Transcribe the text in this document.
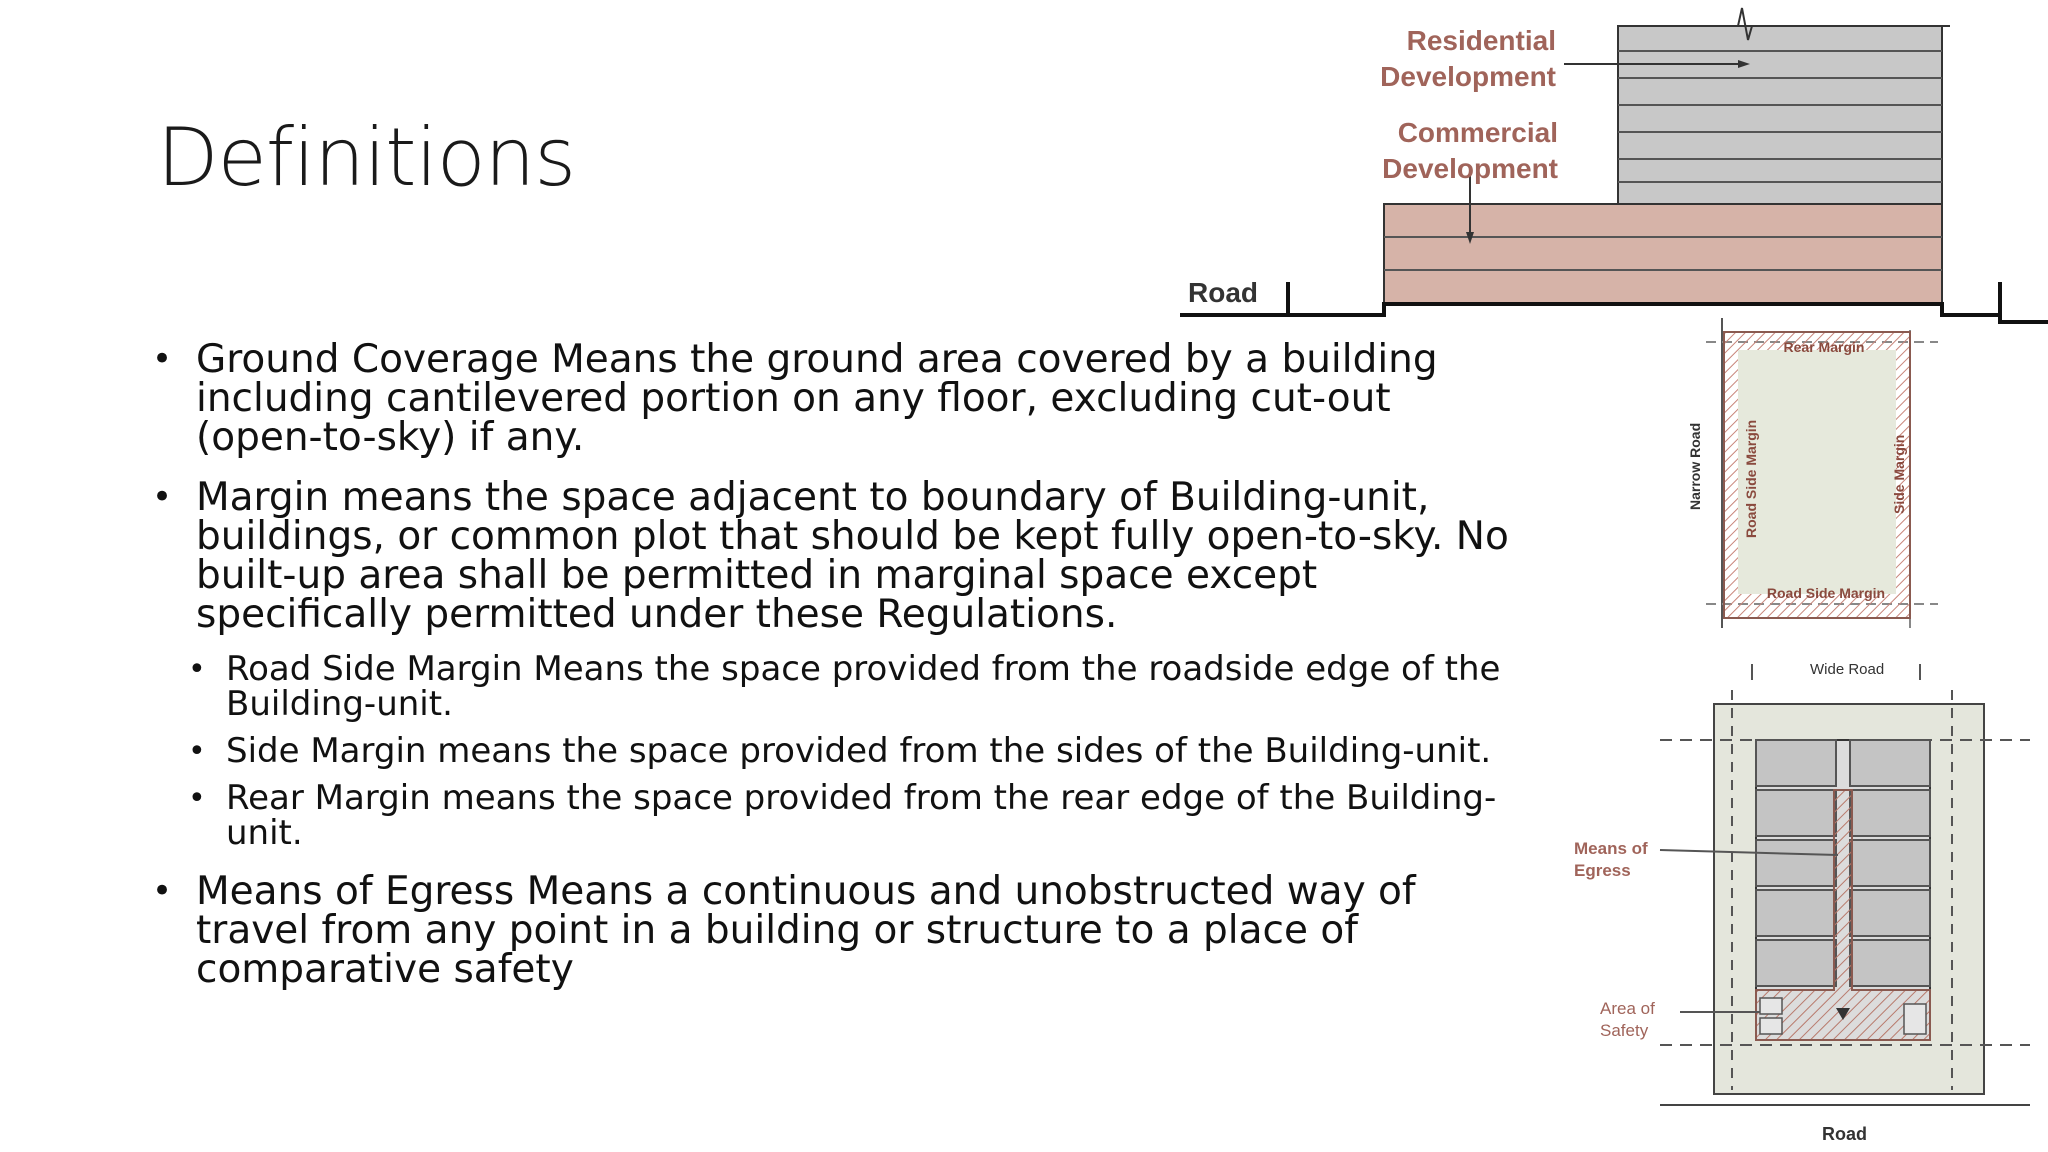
Definitions
• Ground Coverage Means the ground area covered by a building including cantilevered portion on any floor, excluding cut-out (open-to-sky) if any.
• Margin means the space adjacent to boundary of Building-unit, buildings, or common plot that should be kept fully open-to-sky. No built-up area shall be permitted in marginal space except specifically permitted under these Regulations.
• Road Side Margin Means the space provided from the roadside edge of the Building-unit.
• Side Margin means the space provided from the sides of the Building-unit.
• Rear Margin means the space provided from the rear edge of the Building-unit.
• Means of Egress Means a continuous and unobstructed way of travel from any point in a building or structure to a place of comparative safety
Residential
Development
Commercial
Development
Road
Rear Margin
Road Side Margin
Road Side Margin	Side Margin
Narrow Road
Wide Road
Means of
Egress
Area of
Safety
Road
